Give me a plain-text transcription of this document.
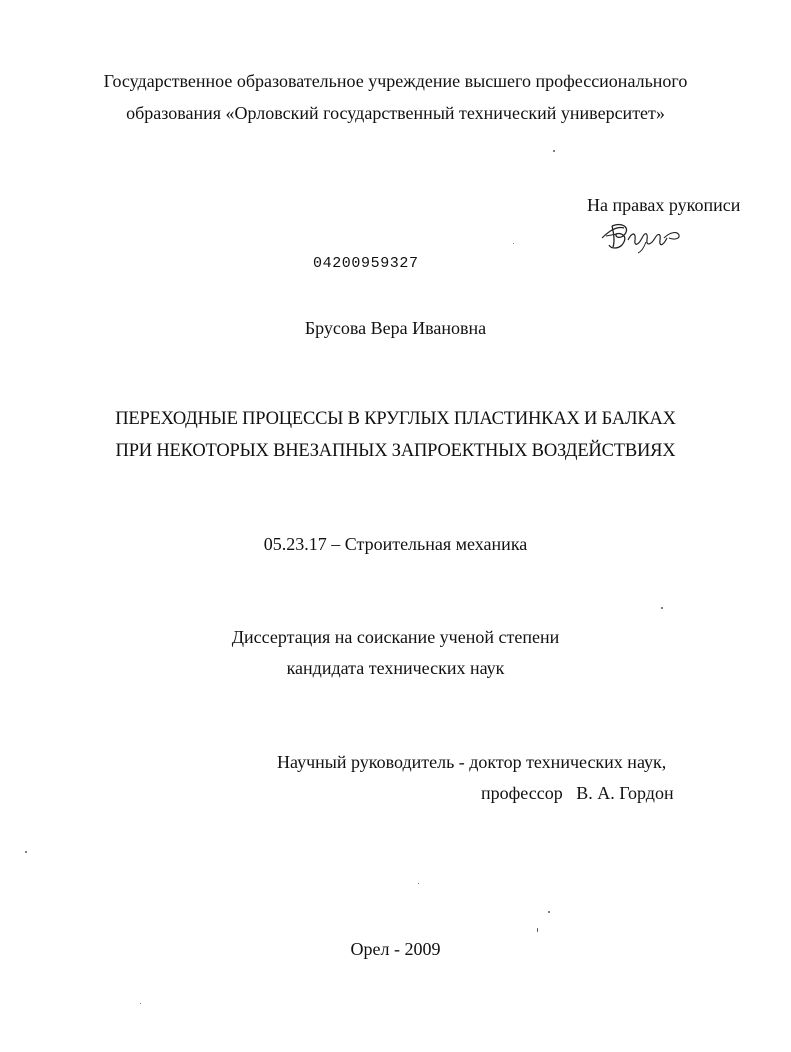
Государственное образовательное учреждение высшего профессионального
образования «Орловский государственный технический университет»
На правах рукописи
04200959327
Брусова Вера Ивановна
ПЕРЕХОДНЫЕ ПРОЦЕССЫ В КРУГЛЫХ ПЛАСТИНКАХ И БАЛКАХ
ПРИ НЕКОТОРЫХ ВНЕЗАПНЫХ ЗАПРОЕКТНЫХ ВОЗДЕЙСТВИЯХ
05.23.17 – Строительная механика
Диссертация на соискание ученой степени
кандидата технических наук
Научный руководитель - доктор технических наук,
профессор   В. А. Гордон
Орел - 2009
